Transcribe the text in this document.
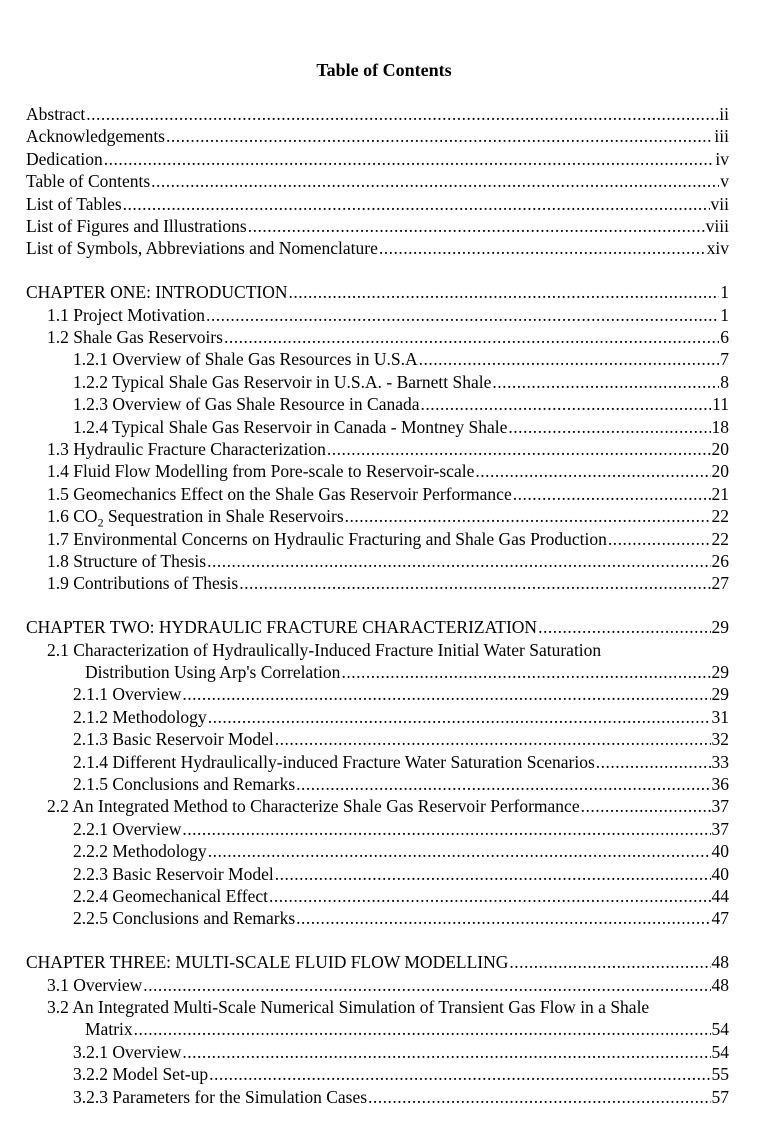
Table of Contents
Abstract .....	ii
Acknowledgements .....	iii
Dedication .....	iv
Table of Contents .....	v
List of Tables .....	vii
List of Figures and Illustrations .....	viii
List of Symbols, Abbreviations and Nomenclature .....	xiv
CHAPTER ONE: INTRODUCTION .....	1
1.1 Project Motivation .....	1
1.2 Shale Gas Reservoirs .....	6
1.2.1 Overview of Shale Gas Resources in U.S.A .....	7
1.2.2 Typical Shale Gas Reservoir in U.S.A. - Barnett Shale .....	8
1.2.3 Overview of Gas Shale Resource in Canada .....	11
1.2.4 Typical Shale Gas Reservoir in Canada - Montney Shale .....	18
1.3 Hydraulic Fracture Characterization .....	20
1.4 Fluid Flow Modelling from Pore-scale to Reservoir-scale .....	20
1.5 Geomechanics Effect on the Shale Gas Reservoir Performance .....	21
1.6 $CO_2$ Sequestration in Shale Reservoirs .....	22
1.7 Environmental Concerns on Hydraulic Fracturing and Shale Gas Production .....	22
1.8 Structure of Thesis .....	26
1.9 Contributions of Thesis .....	27
CHAPTER TWO: HYDRAULIC FRACTURE CHARACTERIZATION .....	29
2.1 Characterization of Hydraulically-Induced Fracture Initial Water Saturation
Distribution Using Arp's Correlation .....	29
2.1.1 Overview .....	29
2.1.2 Methodology .....	31
2.1.3 Basic Reservoir Model .....	32
2.1.4 Different Hydraulically-induced Fracture Water Saturation Scenarios .....	33
2.1.5 Conclusions and Remarks .....	36
2.2 An Integrated Method to Characterize Shale Gas Reservoir Performance .....	37
2.2.1 Overview .....	37
2.2.2 Methodology .....	40
2.2.3 Basic Reservoir Model .....	40
2.2.4 Geomechanical Effect .....	44
2.2.5 Conclusions and Remarks .....	47
CHAPTER THREE: MULTI-SCALE FLUID FLOW MODELLING .....	48
3.1 Overview .....	48
3.2 An Integrated Multi-Scale Numerical Simulation of Transient Gas Flow in a Shale
Matrix .....	54
3.2.1 Overview .....	54
3.2.2 Model Set-up .....	55
3.2.3 Parameters for the Simulation Cases .....	57
